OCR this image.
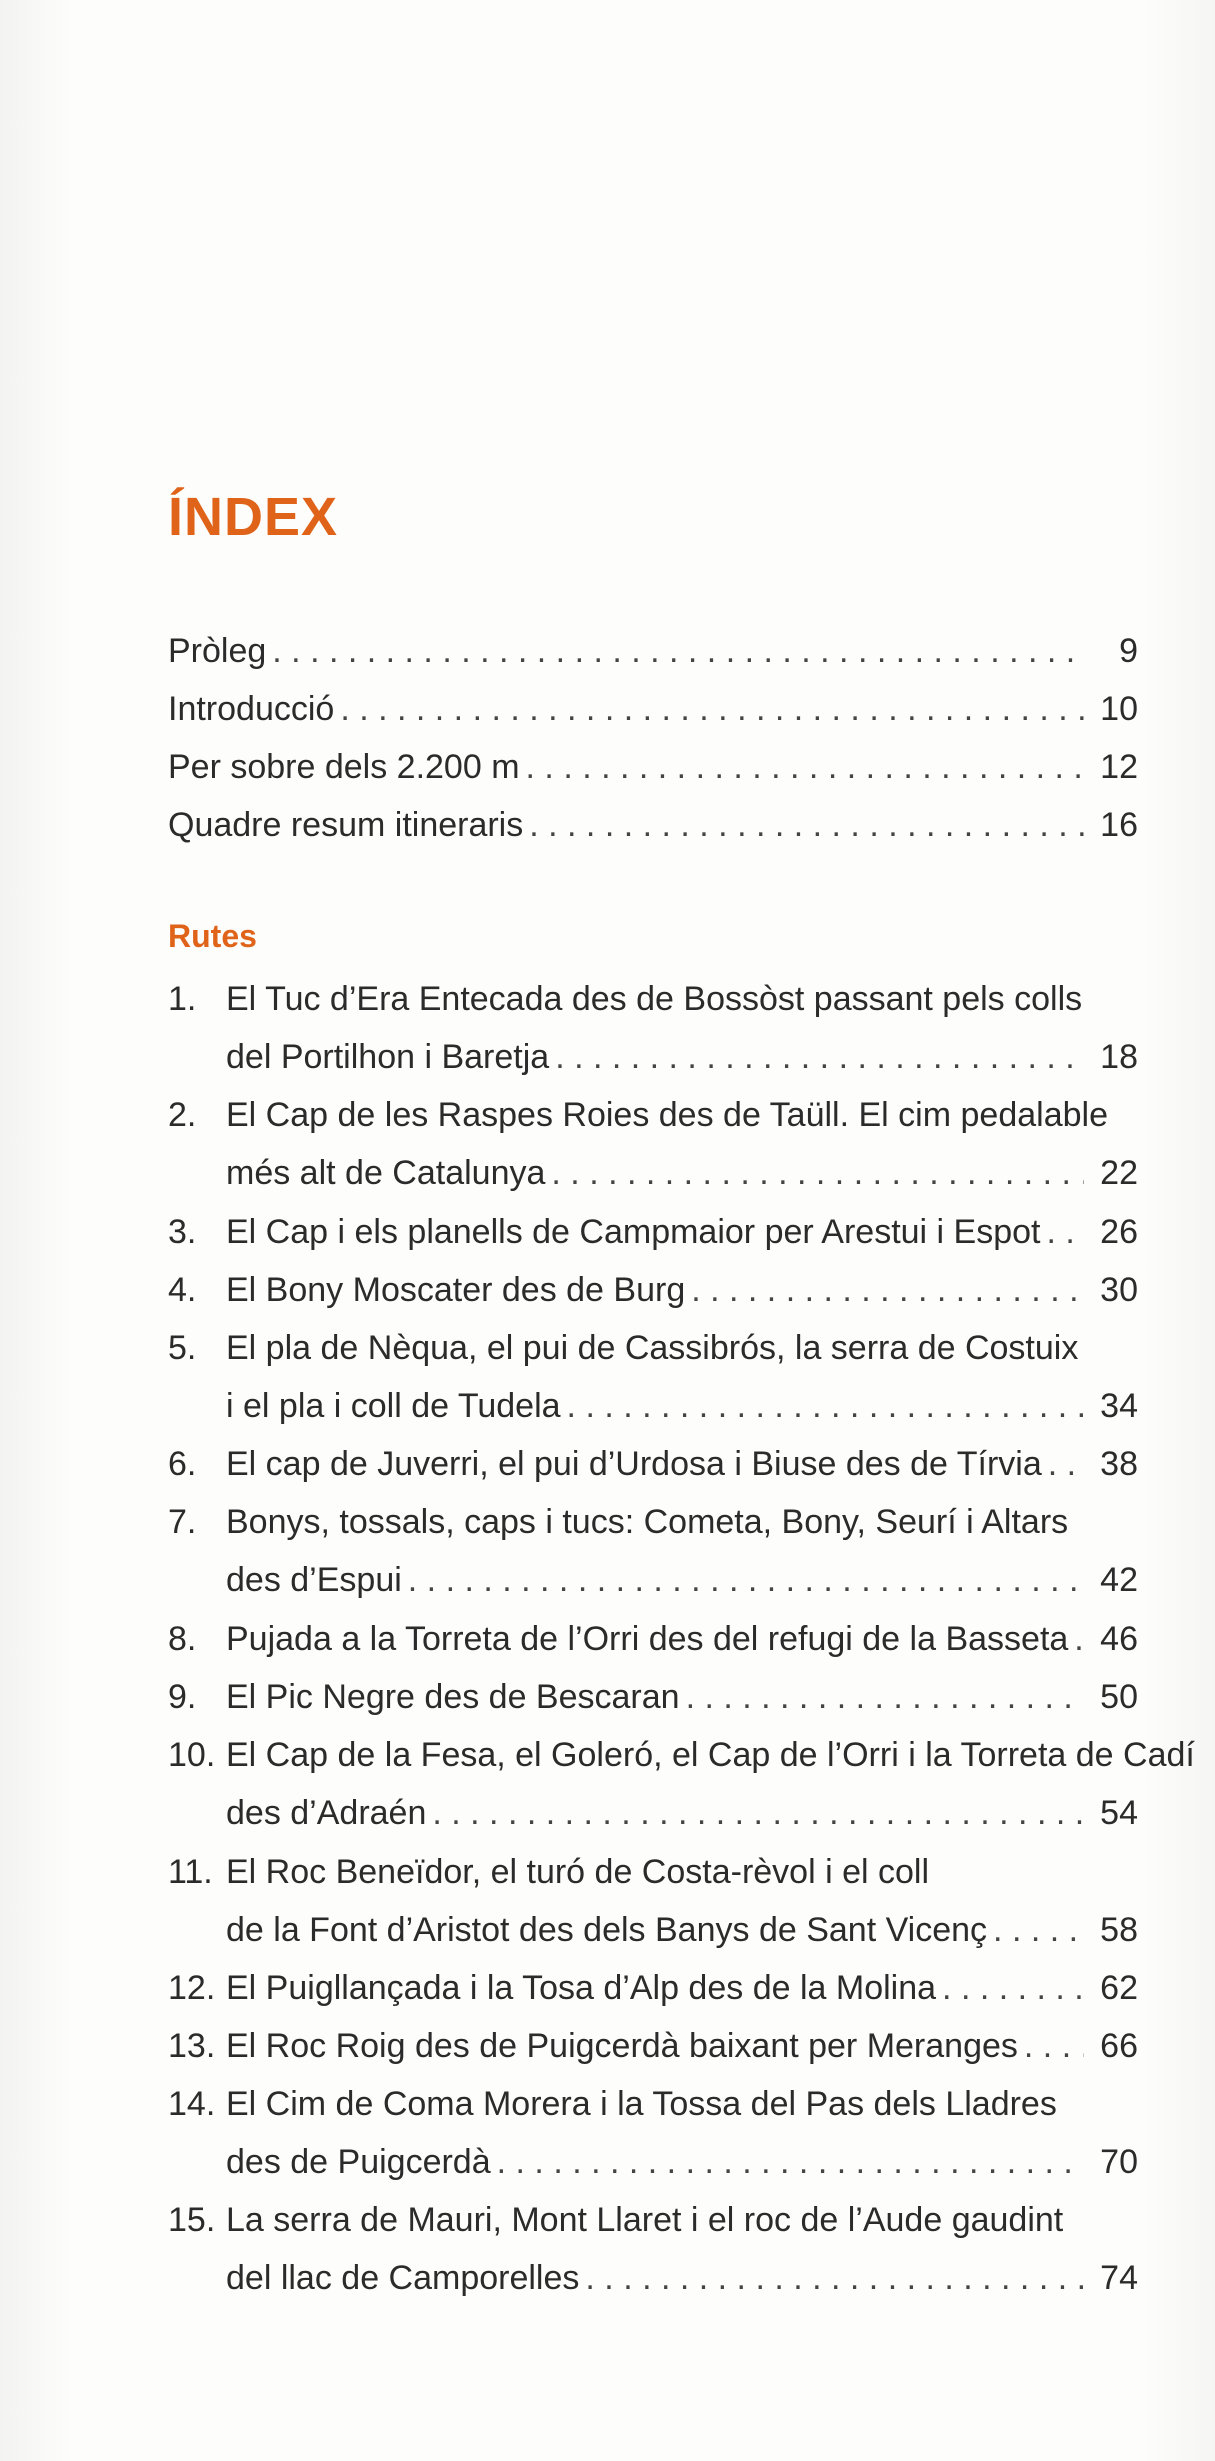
ÍNDEX
Pròleg . . .	9
Introducció . . .	10
Per sobre dels 2.200 m . . .	12
Quadre resum itineraris . . .	16
1. El Tuc d’Era Entecada des de Bossòst passant pels colls
del Portilhon i Baretja . . .	18
2. El Cap de les Raspes Roies des de Taüll. El cim pedalable
més alt de Catalunya . . .	22
3. El Cap i els planells de Campmaior per Arestui i Espot . . . 26
4. El Bony Moscater des de Burg . . .	30
5. El pla de Nèqua, el pui de Cassibrós, la serra de Costuix
i el pla i coll de Tudela . . .	34
6. El cap de Juverri, el pui d’Urdosa i Biuse des de Tírvia . . . 38
7. Bonys, tossals, caps i tucs: Cometa, Bony, Seurí i Altars
des d’Espui . . .	42
8. Pujada a la Torreta de l’Orri des del refugi de la Basseta . . . 46
9. El Pic Negre des de Bescaran . . .	50
10. El Cap de la Fesa, el Goleró, el Cap de l’Orri i la Torreta de Cadí
des d’Adraén . . .	54
11. El Roc Beneïdor, el turó de Costa-rèvol i el coll
de la Font d’Aristot des dels Banys de Sant Vicenç . . .	58
12. El Puigllançada i la Tosa d’Alp des de la Molina . . .	62
13. El Roc Roig des de Puigcerdà baixant per Meranges . . . 66
14. El Cim de Coma Morera i la Tossa del Pas dels Lladres
des de Puigcerdà . . .	70
15. La serra de Mauri, Mont Llaret i el roc de l’Aude gaudint
del llac de Camporelles . . .	74
Rutes
